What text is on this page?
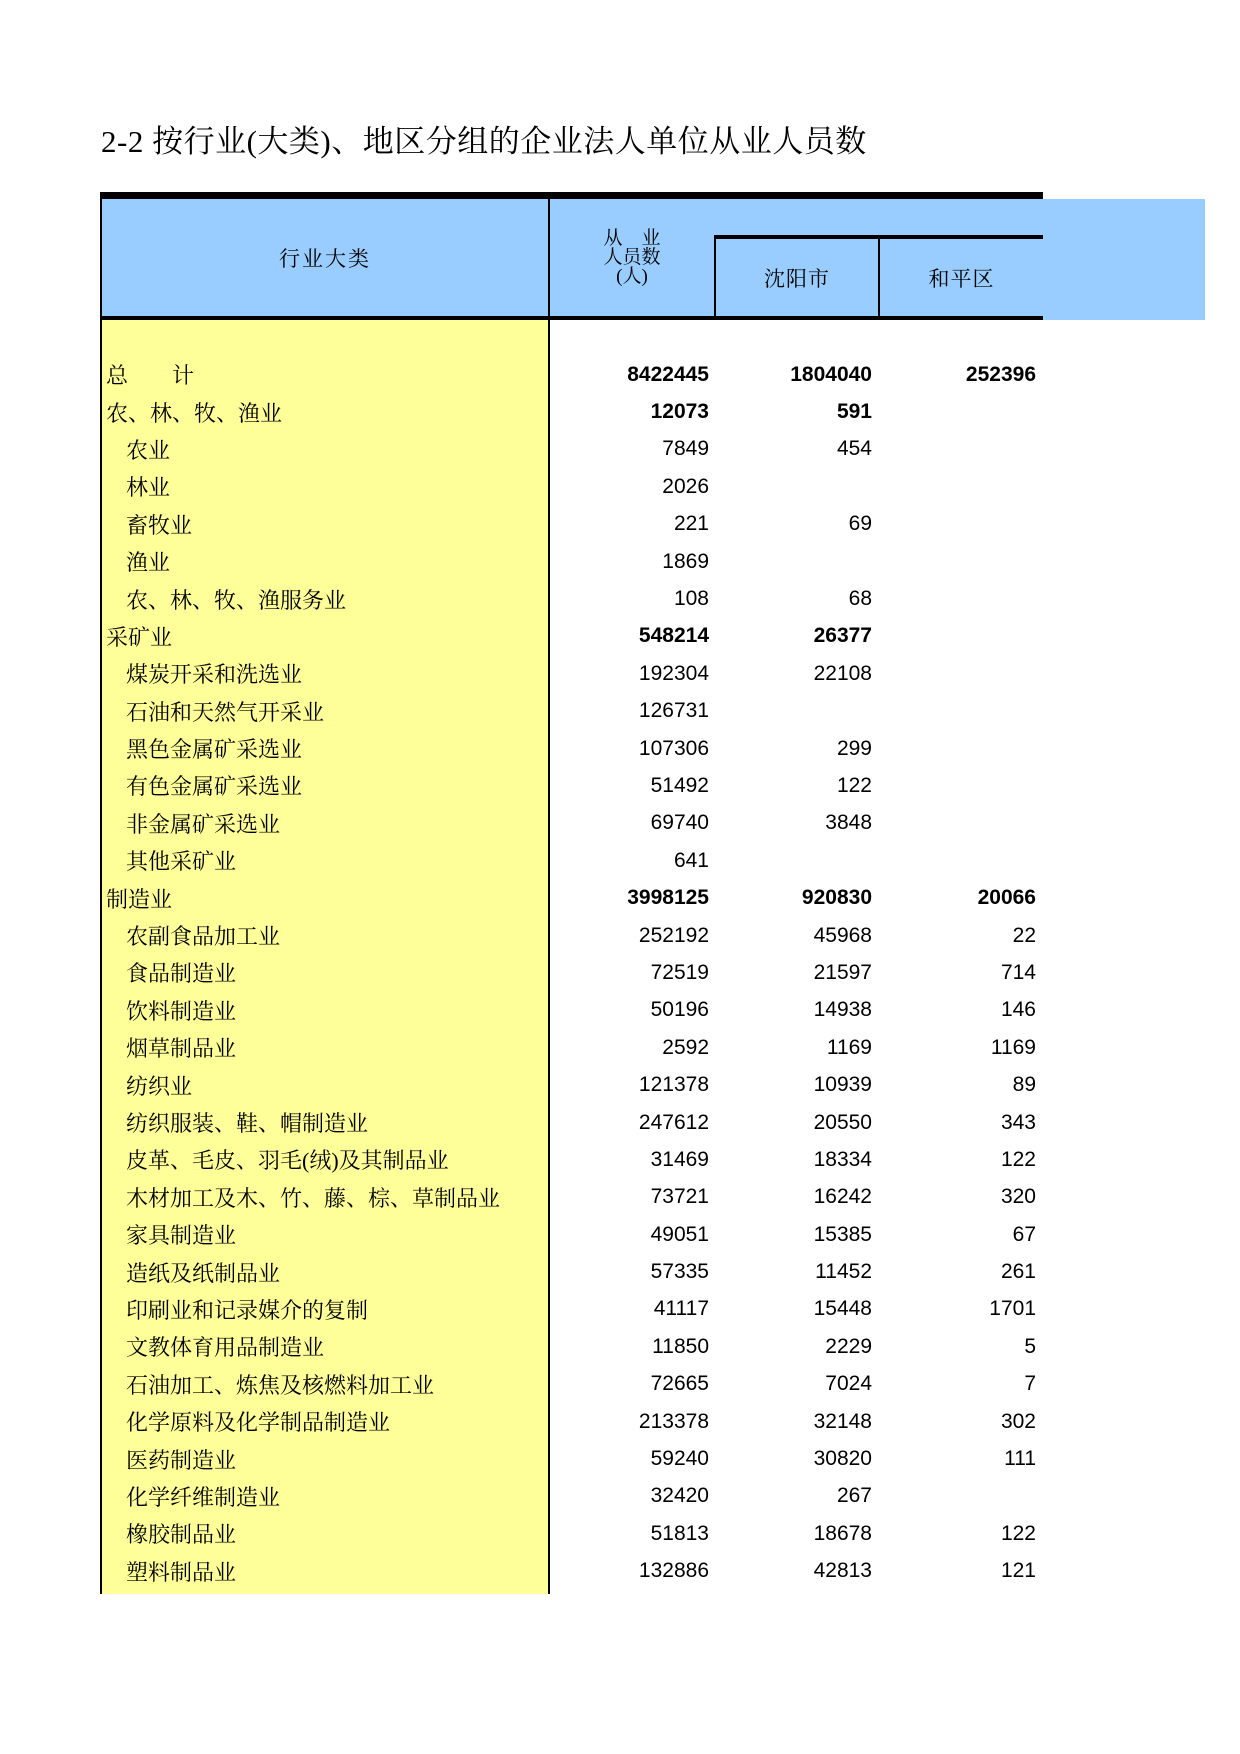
2-2 按行业(大类)、地区分组的企业法人单位从业人员数
行业大类
从　业
人员数
(人)	沈阳市	和平区
总　　计	8422445	1804040	252396
农、林、牧、渔业	12073	591
农业	7849	454
林业	2026
畜牧业	221	69
渔业	1869
农、林、牧、渔服务业	108	68
采矿业	548214	26377
煤炭开采和洗选业	192304	22108
石油和天然气开采业	126731
黑色金属矿采选业	107306	299
有色金属矿采选业	51492	122
非金属矿采选业	69740	3848
其他采矿业	641
制造业	3998125	920830	20066
农副食品加工业	252192	45968	22
食品制造业	72519	21597	714
饮料制造业	50196	14938	146
烟草制品业	2592	1169	1169
纺织业	121378	10939	89
纺织服装、鞋、帽制造业	247612	20550	343
皮革、毛皮、羽毛(绒)及其制品业	31469	18334	122
木材加工及木、竹、藤、棕、草制品业	73721	16242	320
家具制造业	49051	15385	67
造纸及纸制品业	57335	11452	261
印刷业和记录媒介的复制	41117	15448	1701
文教体育用品制造业	11850	2229	5
石油加工、炼焦及核燃料加工业	72665	7024	7
化学原料及化学制品制造业	213378	32148	302
医药制造业	59240	30820	111
化学纤维制造业	32420	267
橡胶制品业	51813	18678	122
塑料制品业	132886	42813	121
